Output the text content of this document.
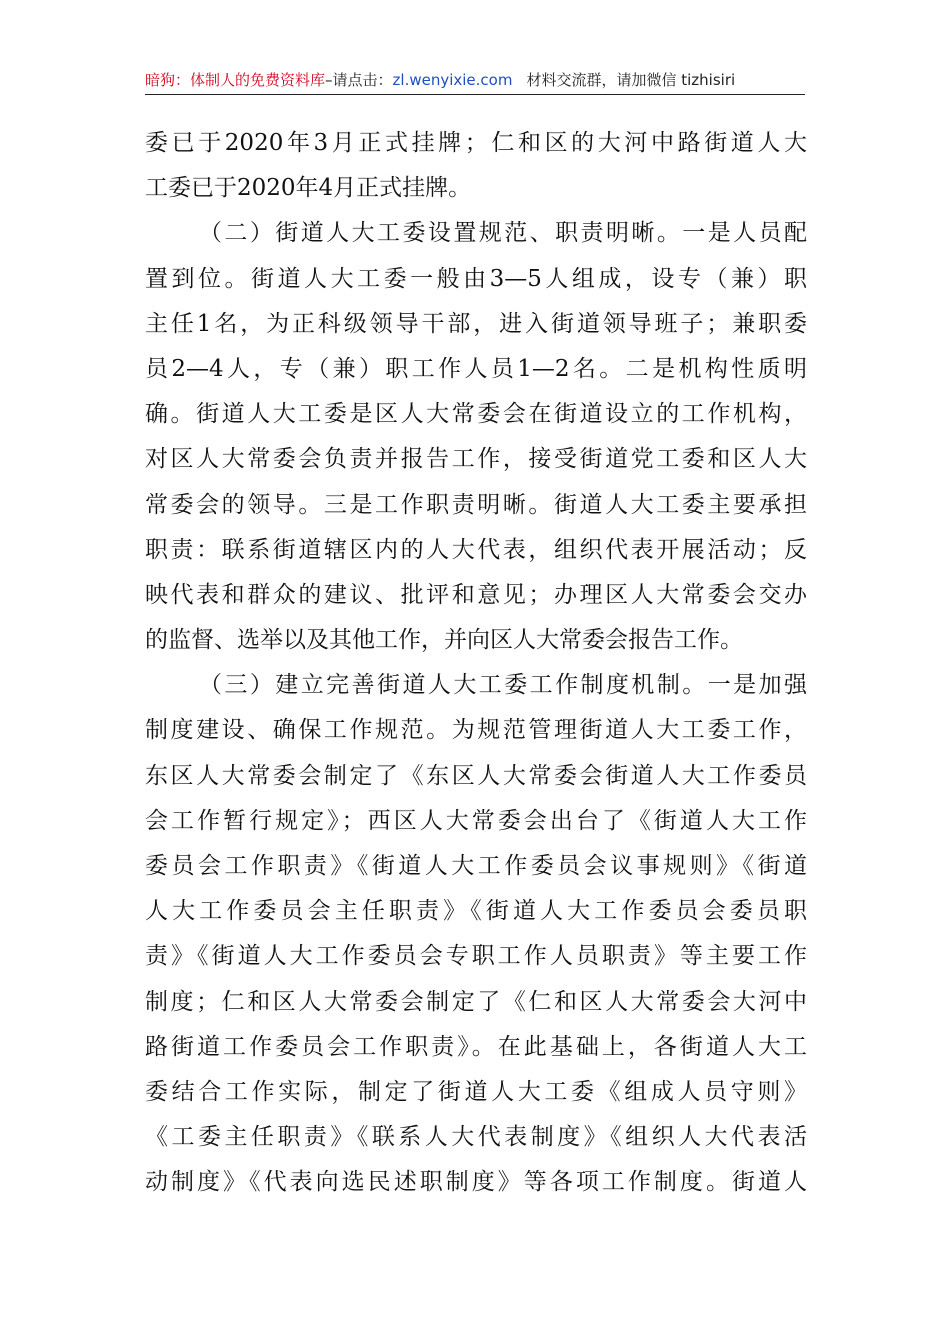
暗狗：体制人的免费资料库–请点击：zl.wenyixie.com 材料交流群，请加微信 tizhisiri
委已于2020年3月正式挂牌；仁和区的大河中路街道人大
工委已于2020年4月正式挂牌。
（二）街道人大工委设置规范、职责明晰。一是人员配
置到位。街道人大工委一般由3—5人组成，设专（兼）职
主任1名，为正科级领导干部，进入街道领导班子；兼职委
员2—4人，专（兼）职工作人员1—2名。二是机构性质明
确。街道人大工委是区人大常委会在街道设立的工作机构，
对区人大常委会负责并报告工作，接受街道党工委和区人大
常委会的领导。三是工作职责明晰。街道人大工委主要承担
职责：联系街道辖区内的人大代表，组织代表开展活动；反
映代表和群众的建议、批评和意见；办理区人大常委会交办
的监督、选举以及其他工作，并向区人大常委会报告工作。
（三）建立完善街道人大工委工作制度机制。一是加强
制度建设、确保工作规范。为规范管理街道人大工委工作，
东区人大常委会制定了《东区人大常委会街道人大工作委员
会工作暂行规定》；西区人大常委会出台了《街道人大工作
委员会工作职责》《街道人大工作委员会议事规则》《街道
人大工作委员会主任职责》《街道人大工作委员会委员职
责》《街道人大工作委员会专职工作人员职责》等主要工作
制度；仁和区人大常委会制定了《仁和区人大常委会大河中
路街道工作委员会工作职责》。在此基础上，各街道人大工
委结合工作实际，制定了街道人大工委《组成人员守则》
《工委主任职责》《联系人大代表制度》《组织人大代表活
动制度》《代表向选民述职制度》等各项工作制度。街道人
